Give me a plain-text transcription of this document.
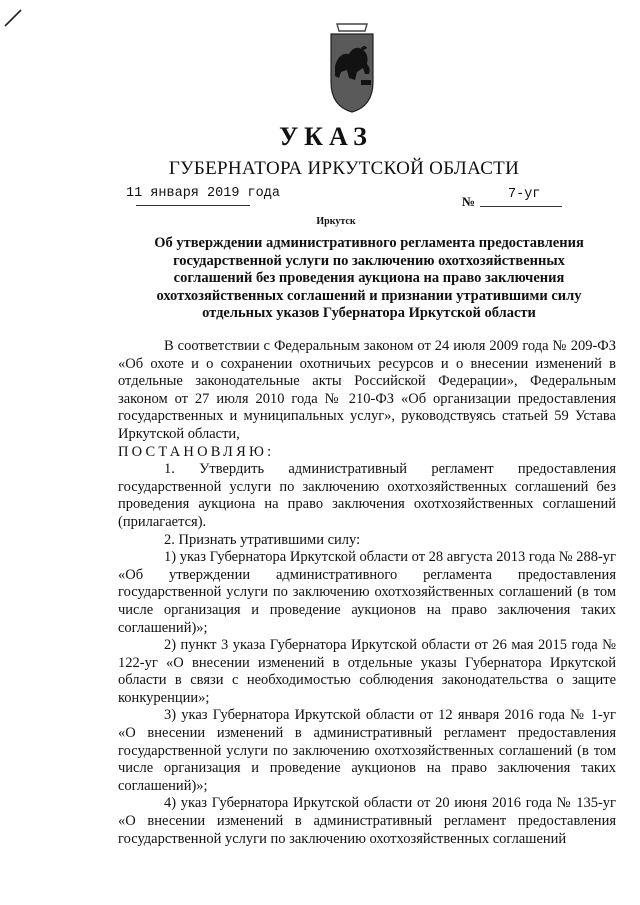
УКАЗ
ГУБЕРНАТОРА ИРКУТСКОЙ ОБЛАСТИ
11 января 2019 года
№ 7-уг
Иркутск
Об утверждении административного регламента предоставления
государственной услуги по заключению охотхозяйственных
соглашений без проведения аукциона на право заключения
охотхозяйственных соглашений и признании утратившими силу
отдельных указов Губернатора Иркутской области

В соответствии с Федеральным законом от 24 июля 2009 года № 209-ФЗ «Об охоте и о сохранении охотничьих ресурсов и о внесении изменений в отдельные законодательные акты Российской Федерации», Федеральным законом от 27 июля 2010 года № 210-ФЗ «Об организации предоставления государственных и муниципальных услуг», руководствуясь статьей 59 Устава Иркутской области,

ПОСТАНОВЛЯЮ:

1. Утвердить административный регламент предоставления государственной услуги по заключению охотхозяйственных соглашений без проведения аукциона на право заключения охотхозяйственных соглашений (прилагается).

2. Признать утратившими силу:

1) указ Губернатора Иркутской области от 28 августа 2013 года № 288-уг «Об утверждении административного регламента предоставления государственной услуги по заключению охотхозяйственных соглашений (в том числе организация и проведение аукционов на право заключения таких соглашений)»;

2) пункт 3 указа Губернатора Иркутской области от 26 мая 2015 года № 122-уг «О внесении изменений в отдельные указы Губернатора Иркутской области в связи с необходимостью соблюдения законодательства о защите конкуренции»;

3) указ Губернатора Иркутской области от 12 января 2016 года № 1-уг «О внесении изменений в административный регламент предоставления государственной услуги по заключению охотхозяйственных соглашений (в том числе организация и проведение аукционов на право заключения таких соглашений)»;

4) указ Губернатора Иркутской области от 20 июня 2016 года № 135-уг «О внесении изменений в административный регламент предоставления государственной услуги по заключению охотхозяйственных соглашений
